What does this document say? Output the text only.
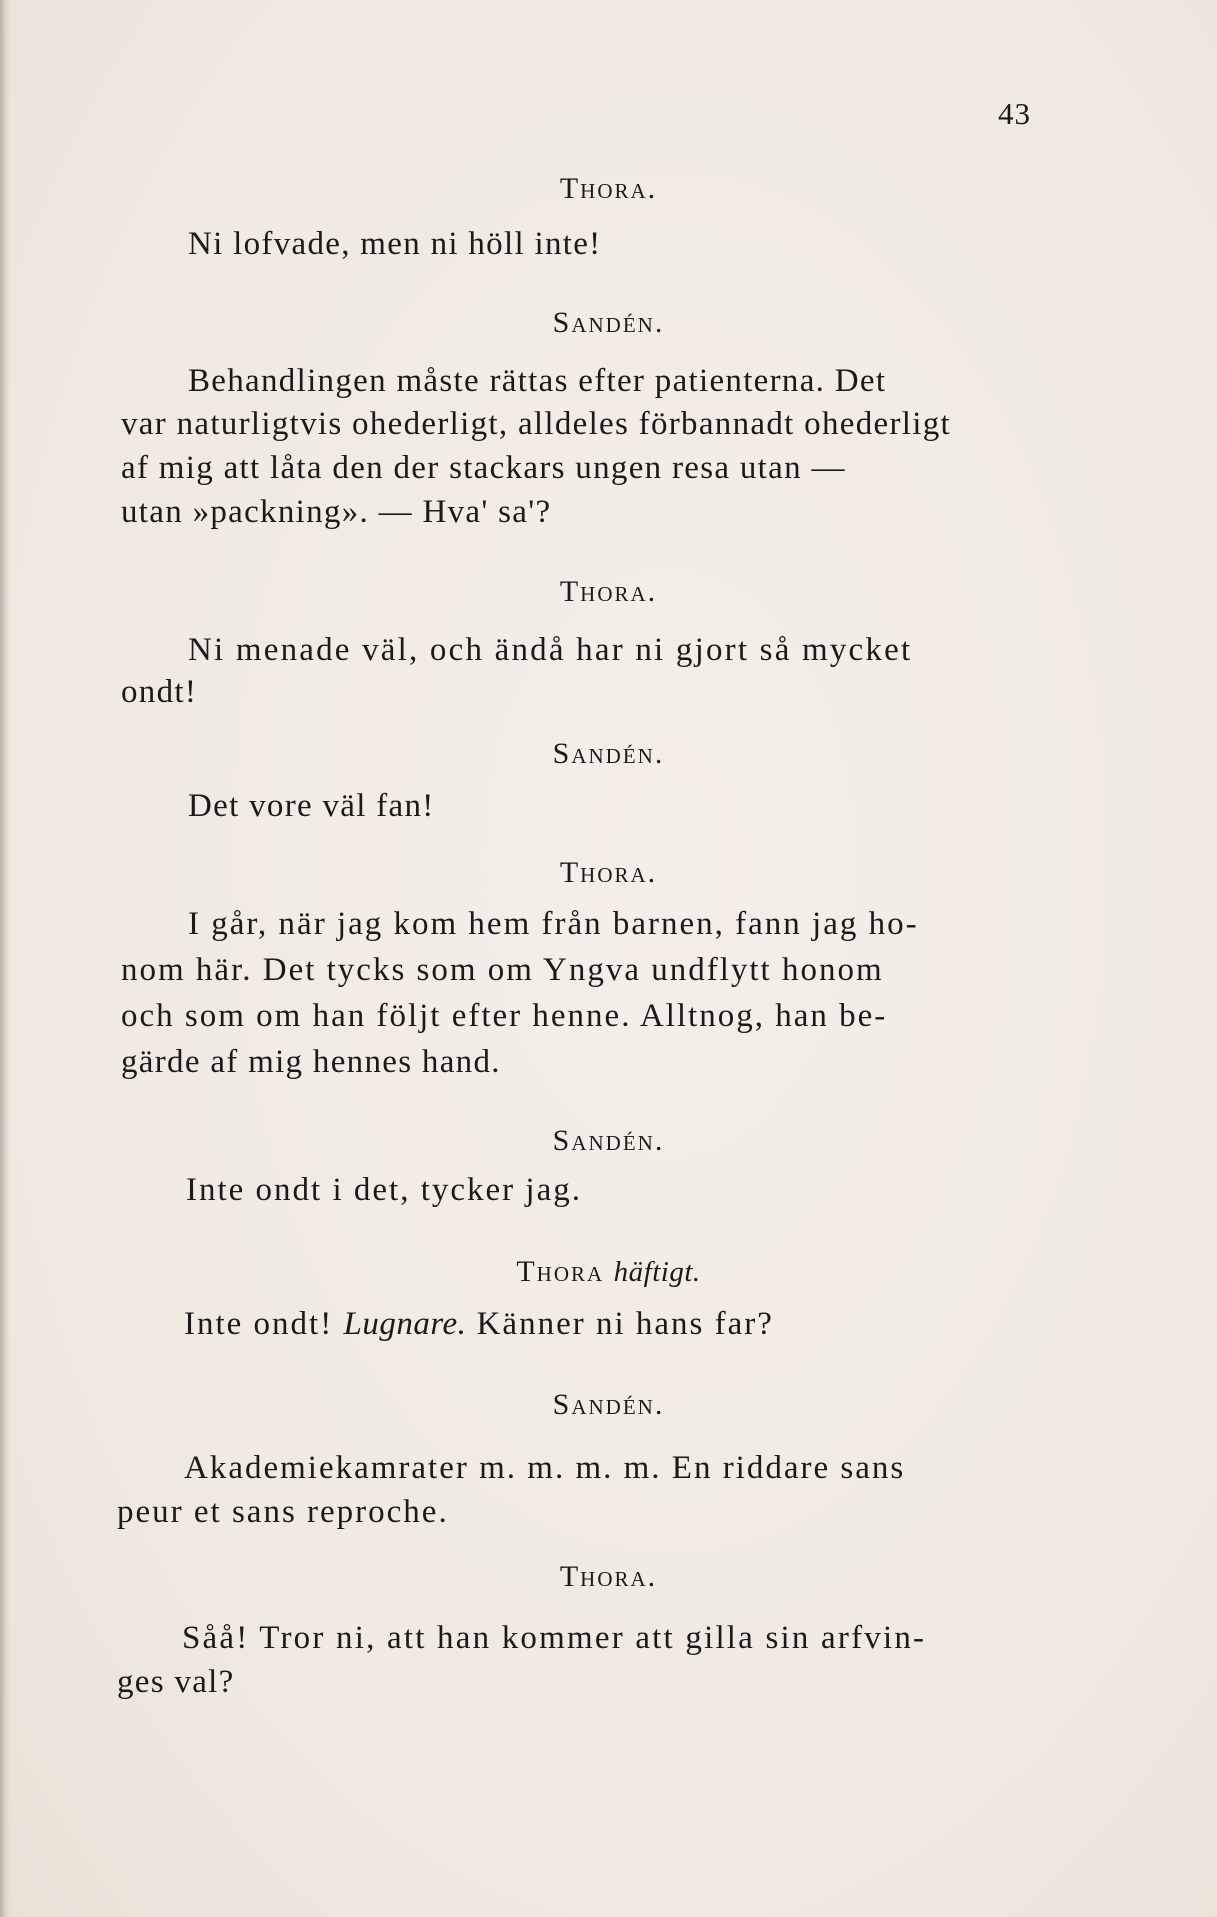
43
Thora.
Ni lofvade, men ni höll inte!
Sandén.
Behandlingen måste rättas efter patienterna. Det
var naturligtvis ohederligt, alldeles förbannadt ohederligt
af mig att låta den der stackars ungen resa utan —
utan »packning». — Hva' sa'?
Thora.
Ni menade väl, och ändå har ni gjort så mycket
ondt!
Sandén.
Det vore väl fan!
Thora.
I går, när jag kom hem från barnen, fann jag ho-
nom här. Det tycks som om Yngva undflytt honom
och som om han följt efter henne. Alltnog, han be-
gärde af mig hennes hand.
Sandén.
Inte ondt i det, tycker jag.
Thora häftigt.
Inte ondt! Lugnare. Känner ni hans far?
Sandén.
Akademiekamrater m. m. m. m. En riddare sans
peur et sans reproche.
Thora.
Såå! Tror ni, att han kommer att gilla sin arfvin-
ges val?
